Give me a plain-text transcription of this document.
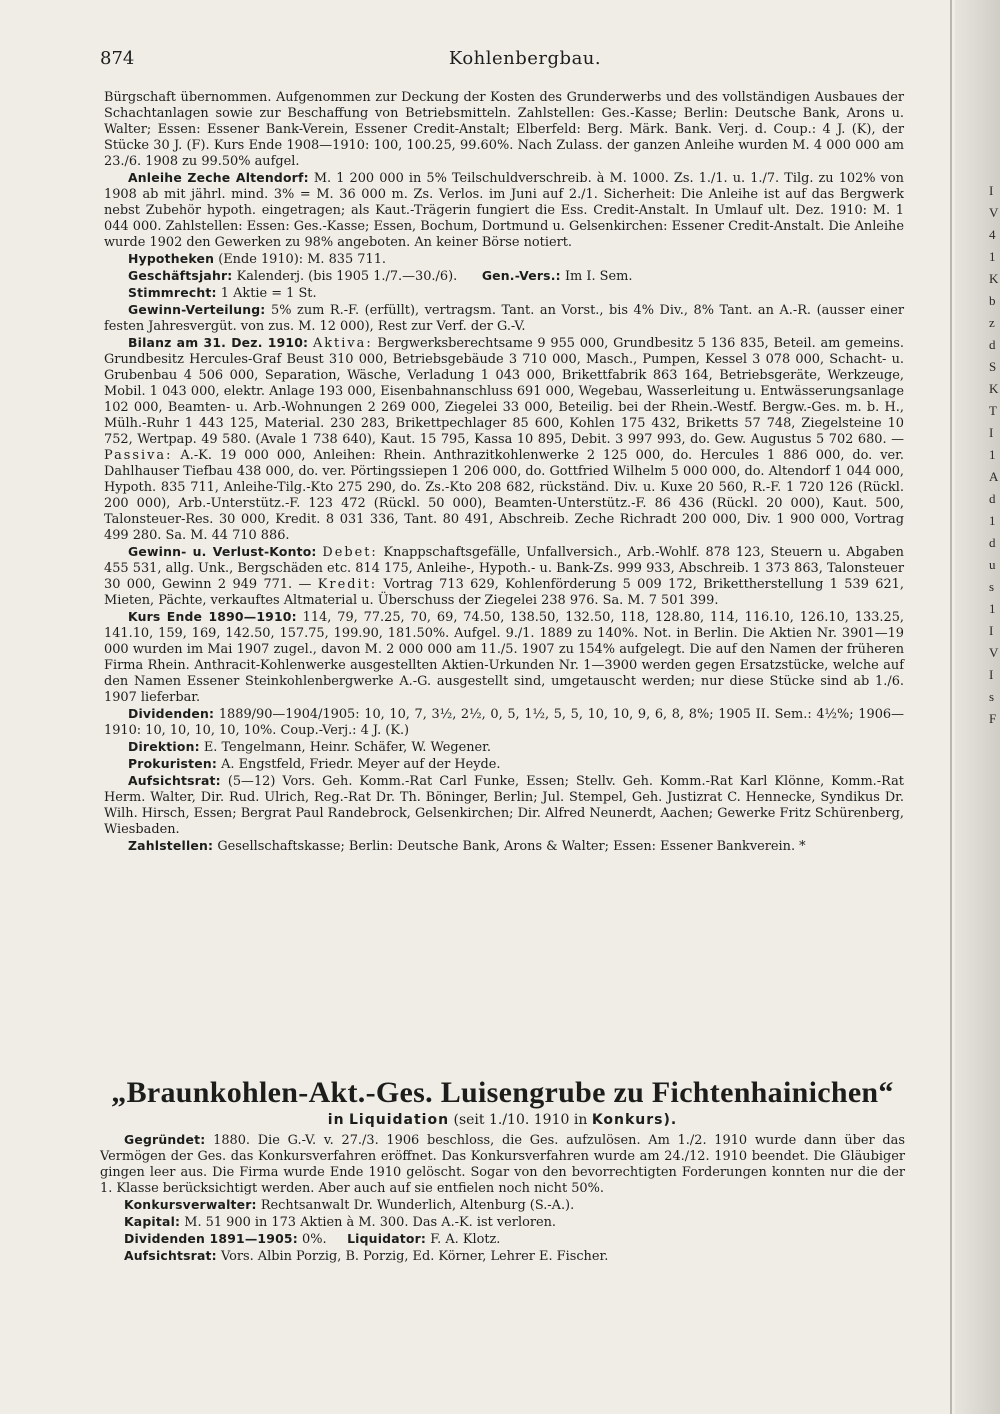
I
V
4
1
K
b
z
d
S
K
T
I
1
A
d
1
d
u
s
1
I
V
I
s
F
874	Kohlenbergbau.

Bürgschaft übernommen. Aufgenommen zur Deckung der Kosten des Grunderwerbs und des vollständigen Ausbaues der Schachtanlagen sowie zur Beschaffung von Betriebsmitteln. Zahlstellen: Ges.-Kasse; Berlin: Deutsche Bank, Arons u. Walter; Essen: Essener Bank-Verein, Essener Credit-Anstalt; Elberfeld: Berg. Märk. Bank. Verj. d. Coup.: 4 J. (K), der Stücke 30 J. (F). Kurs Ende 1908—1910: 100, 100.25, 99.60%. Nach Zulass. der ganzen Anleihe wurden M. 4 000 000 am 23./6. 1908 zu 99.50% aufgel.

Anleihe Zeche Altendorf: M. 1 200 000 in 5% Teilschuldverschreib. à M. 1000. Zs. 1./1. u. 1./7. Tilg. zu 102% von 1908 ab mit jährl. mind. 3% = M. 36 000 m. Zs. Verlos. im Juni auf 2./1. Sicherheit: Die Anleihe ist auf das Bergwerk nebst Zubehör hypoth. eingetragen; als Kaut.-Trägerin fungiert die Ess. Credit-Anstalt. In Umlauf ult. Dez. 1910: M. 1 044 000. Zahlstellen: Essen: Ges.-Kasse; Essen, Bochum, Dortmund u. Gelsenkirchen: Essener Credit-Anstalt. Die Anleihe wurde 1902 den Gewerken zu 98% angeboten. An keiner Börse notiert.

Hypotheken (Ende 1910): M. 835 711.

Geschäftsjahr: Kalenderj. (bis 1905 1./7.—30./6). Gen.-Vers.: Im I. Sem.

Stimmrecht: 1 Aktie = 1 St.

Gewinn-Verteilung: 5% zum R.-F. (erfüllt), vertragsm. Tant. an Vorst., bis 4% Div., 8% Tant. an A.-R. (ausser einer festen Jahresvergüt. von zus. M. 12 000), Rest zur Verf. der G.-V.

Bilanz am 31. Dez. 1910: Aktiva: Bergwerksberechtsame 9 955 000, Grundbesitz 5 136 835, Beteil. am gemeins. Grundbesitz Hercules-Graf Beust 310 000, Betriebsgebäude 3 710 000, Masch., Pumpen, Kessel 3 078 000, Schacht- u. Grubenbau 4 506 000, Separation, Wäsche, Verladung 1 043 000, Brikettfabrik 863 164, Betriebsgeräte, Werkzeuge, Mobil. 1 043 000, elektr. Anlage 193 000, Eisenbahnanschluss 691 000, Wegebau, Wasserleitung u. Entwässerungsanlage 102 000, Beamten- u. Arb.-Wohnungen 2 269 000, Ziegelei 33 000, Beteilig. bei der Rhein.-Westf. Bergw.-Ges. m. b. H., Mülh.-Ruhr 1 443 125, Material. 230 283, Brikettpechlager 85 600, Kohlen 175 432, Briketts 57 748, Ziegelsteine 10 752, Wertpap. 49 580. (Avale 1 738 640), Kaut. 15 795, Kassa 10 895, Debit. 3 997 993, do. Gew. Augustus 5 702 680. — Passiva: A.-K. 19 000 000, Anleihen: Rhein. Anthrazitkohlenwerke 2 125 000, do. Hercules 1 886 000, do. ver. Dahlhauser Tiefbau 438 000, do. ver. Pörtingssiepen 1 206 000, do. Gottfried Wilhelm 5 000 000, do. Altendorf 1 044 000, Hypoth. 835 711, Anleihe-Tilg.-Kto 275 290, do. Zs.-Kto 208 682, rückständ. Div. u. Kuxe 20 560, R.-F. 1 720 126 (Rückl. 200 000), Arb.-Unterstütz.-F. 123 472 (Rückl. 50 000), Beamten-Unterstütz.-F. 86 436 (Rückl. 20 000), Kaut. 500, Talonsteuer-Res. 30 000, Kredit. 8 031 336, Tant. 80 491, Abschreib. Zeche Richradt 200 000, Div. 1 900 000, Vortrag 499 280. Sa. M. 44 710 886.

Gewinn- u. Verlust-Konto: Debet: Knappschaftsgefälle, Unfallversich., Arb.-Wohlf. 878 123, Steuern u. Abgaben 455 531, allg. Unk., Bergschäden etc. 814 175, Anleihe-, Hypoth.- u. Bank-Zs. 999 933, Abschreib. 1 373 863, Talonsteuer 30 000, Gewinn 2 949 771. — Kredit: Vortrag 713 629, Kohlenförderung 5 009 172, Brikettherstellung 1 539 621, Mieten, Pächte, verkauftes Altmaterial u. Überschuss der Ziegelei 238 976. Sa. M. 7 501 399.

Kurs Ende 1890—1910: 114, 79, 77.25, 70, 69, 74.50, 138.50, 132.50, 118, 128.80, 114, 116.10, 126.10, 133.25, 141.10, 159, 169, 142.50, 157.75, 199.90, 181.50%. Aufgel. 9./1. 1889 zu 140%. Not. in Berlin. Die Aktien Nr. 3901—19 000 wurden im Mai 1907 zugel., davon M. 2 000 000 am 11./5. 1907 zu 154% aufgelegt. Die auf den Namen der früheren Firma Rhein. Anthracit-Kohlenwerke ausgestellten Aktien-Urkunden Nr. 1—3900 werden gegen Ersatzstücke, welche auf den Namen Essener Steinkohlenbergwerke A.-G. ausgestellt sind, umgetauscht werden; nur diese Stücke sind ab 1./6. 1907 lieferbar.

Dividenden: 1889/90—1904/1905: 10, 10, 7, 3½, 2½, 0, 5, 1½, 5, 5, 10, 10, 9, 6, 8, 8%; 1905 II. Sem.: 4½%; 1906—1910: 10, 10, 10, 10, 10%. Coup.-Verj.: 4 J. (K.)

Direktion: E. Tengelmann, Heinr. Schäfer, W. Wegener.

Prokuristen: A. Engstfeld, Friedr. Meyer auf der Heyde.

Aufsichtsrat: (5—12) Vors. Geh. Komm.-Rat Carl Funke, Essen; Stellv. Geh. Komm.-Rat Karl Klönne, Komm.-Rat Herm. Walter, Dir. Rud. Ulrich, Reg.-Rat Dr. Th. Böninger, Berlin; Jul. Stempel, Geh. Justizrat C. Hennecke, Syndikus Dr. Wilh. Hirsch, Essen; Bergrat Paul Randebrock, Gelsenkirchen; Dir. Alfred Neunerdt, Aachen; Gewerke Fritz Schürenberg, Wiesbaden.

Zahlstellen: Gesellschaftskasse; Berlin: Deutsche Bank, Arons & Walter; Essen: Essener Bankverein. *

„Braunkohlen-Akt.-Ges. Luisengrube zu Fichtenhainichen“
in Liquidation (seit 1./10. 1910 in Konkurs).

Gegründet: 1880. Die G.-V. v. 27./3. 1906 beschloss, die Ges. aufzulösen. Am 1./2. 1910 wurde dann über das Vermögen der Ges. das Konkursverfahren eröffnet. Das Konkursverfahren wurde am 24./12. 1910 beendet. Die Gläubiger gingen leer aus. Die Firma wurde Ende 1910 gelöscht. Sogar von den bevorrechtigten Forderungen konnten nur die der 1. Klasse berücksichtigt werden. Aber auch auf sie entfielen noch nicht 50%.

Konkursverwalter: Rechtsanwalt Dr. Wunderlich, Altenburg (S.-A.).

Kapital: M. 51 900 in 173 Aktien à M. 300. Das A.-K. ist verloren.

Dividenden 1891—1905: 0%. Liquidator: F. A. Klotz.

Aufsichtsrat: Vors. Albin Porzig, B. Porzig, Ed. Körner, Lehrer E. Fischer.
